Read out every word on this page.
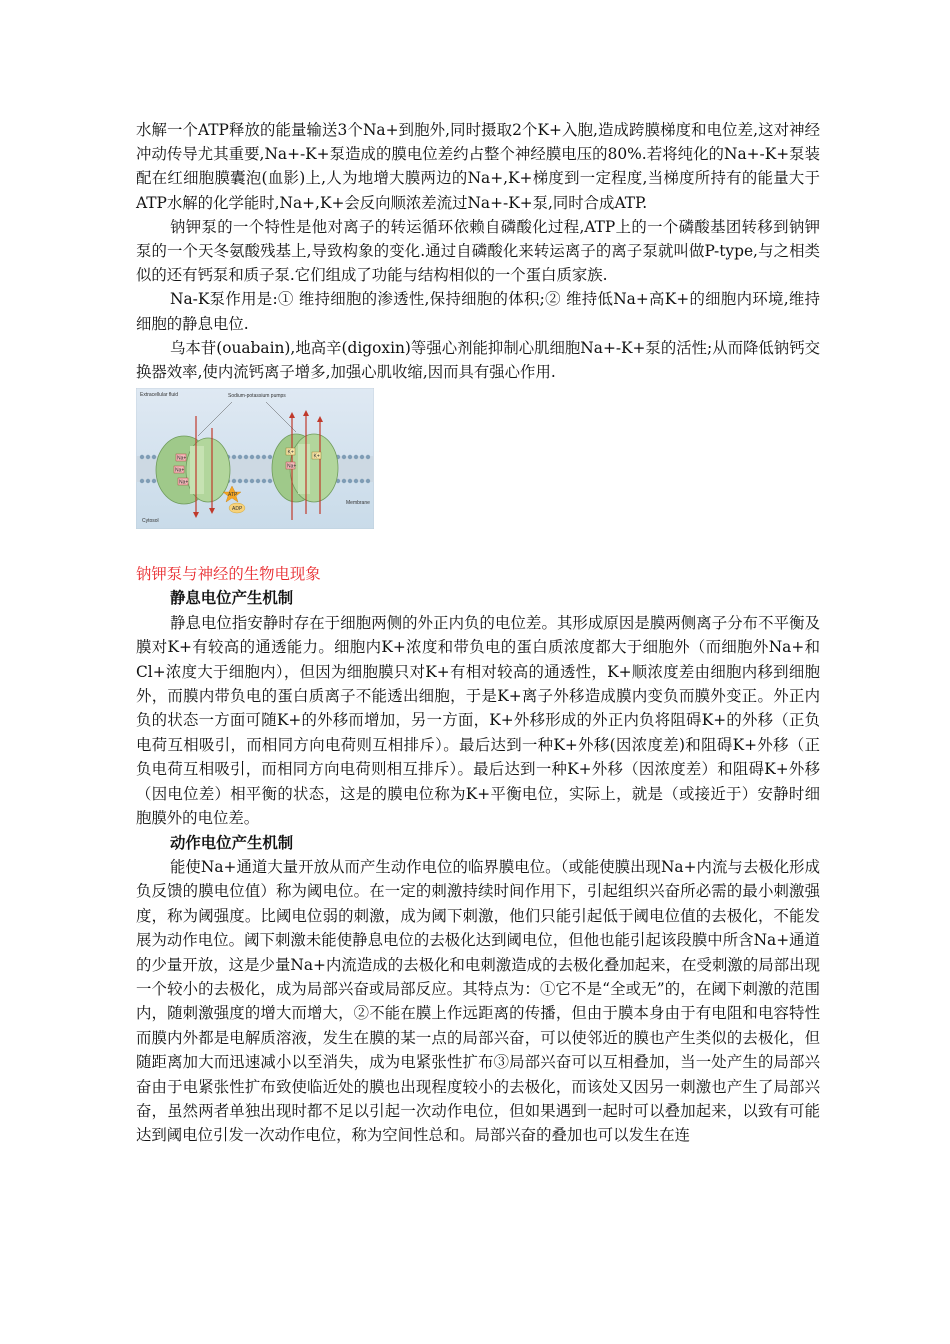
水解一个ATP释放的能量输送3个Na+到胞外,同时摄取2个K+入胞,造成跨膜梯度和电位差,这对神经冲动传导尤其重要,Na+-K+泵造成的膜电位差约占整个神经膜电压的80%.若将纯化的Na+-K+泵装配在红细胞膜囊泡(血影)上,人为地增大膜两边的Na+,K+梯度到一定程度,当梯度所持有的能量大于ATP水解的化学能时,Na+,K+会反向顺浓差流过Na+-K+泵,同时合成ATP.

钠钾泵的一个特性是他对离子的转运循环依赖自磷酸化过程,ATP上的一个磷酸基团转移到钠钾泵的一个天冬氨酸残基上,导致构象的变化.通过自磷酸化来转运离子的离子泵就叫做P-type,与之相类似的还有钙泵和质子泵.它们组成了功能与结构相似的一个蛋白质家族.

Na-K泵作用是:① 维持细胞的渗透性,保持细胞的体积;② 维持低Na+高K+的细胞内环境,维持细胞的静息电位.

乌本苷(ouabain),地高辛(digoxin)等强心剂能抑制心肌细胞Na+-K+泵的活性;从而降低钠钙交换器效率,使内流钙离子增多,加强心肌收缩,因而具有强心作用.

Na+
Na+
Na+
K+
K+
Na+
ATP
ADP
Extracellular fluid	Sodium-potassium pumps
Cytosol
Membrane
钠钾泵与神经的生物电现象

静息电位产生机制

静息电位指安静时存在于细胞两侧的外正内负的电位差。其形成原因是膜两侧离子分布不平衡及膜对K+有较高的通透能力。细胞内K+浓度和带负电的蛋白质浓度都大于细胞外（而细胞外Na+和Cl+浓度大于细胞内），但因为细胞膜只对K+有相对较高的通透性，K+顺浓度差由细胞内移到细胞外，而膜内带负电的蛋白质离子不能透出细胞，于是K+离子外移造成膜内变负而膜外变正。外正内负的状态一方面可随K+的外移而增加，另一方面，K+外移形成的外正内负将阻碍K+的外移（正负电荷互相吸引，而相同方向电荷则互相排斥）。最后达到一种K+外移(因浓度差)和阻碍K+外移（正负电荷互相吸引，而相同方向电荷则相互排斥）。最后达到一种K+外移（因浓度差）和阻碍K+外移（因电位差）相平衡的状态，这是的膜电位称为K+平衡电位，实际上，就是（或接近于）安静时细胞膜外的电位差。

动作电位产生机制

能使Na+通道大量开放从而产生动作电位的临界膜电位。（或能使膜出现Na+内流与去极化形成负反馈的膜电位值）称为阈电位。在一定的刺激持续时间作用下，引起组织兴奋所必需的最小刺激强度，称为阈强度。比阈电位弱的刺激，成为阈下刺激，他们只能引起低于阈电位值的去极化，不能发展为动作电位。阈下刺激未能使静息电位的去极化达到阈电位，但他也能引起该段膜中所含Na+通道的少量开放，这是少量Na+内流造成的去极化和电刺激造成的去极化叠加起来，在受刺激的局部出现一个较小的去极化，成为局部兴奋或局部反应。其特点为：①它不是“全或无”的，在阈下刺激的范围内，随刺激强度的增大而增大，②不能在膜上作远距离的传播，但由于膜本身由于有电阻和电容特性而膜内外都是电解质溶液，发生在膜的某一点的局部兴奋，可以使邻近的膜也产生类似的去极化，但随距离加大而迅速减小以至消失，成为电紧张性扩布③局部兴奋可以互相叠加，当一处产生的局部兴奋由于电紧张性扩布致使临近处的膜也出现程度较小的去极化，而该处又因另一刺激也产生了局部兴奋，虽然两者单独出现时都不足以引起一次动作电位，但如果遇到一起时可以叠加起来，以致有可能达到阈电位引发一次动作电位，称为空间性总和。局部兴奋的叠加也可以发生在连
